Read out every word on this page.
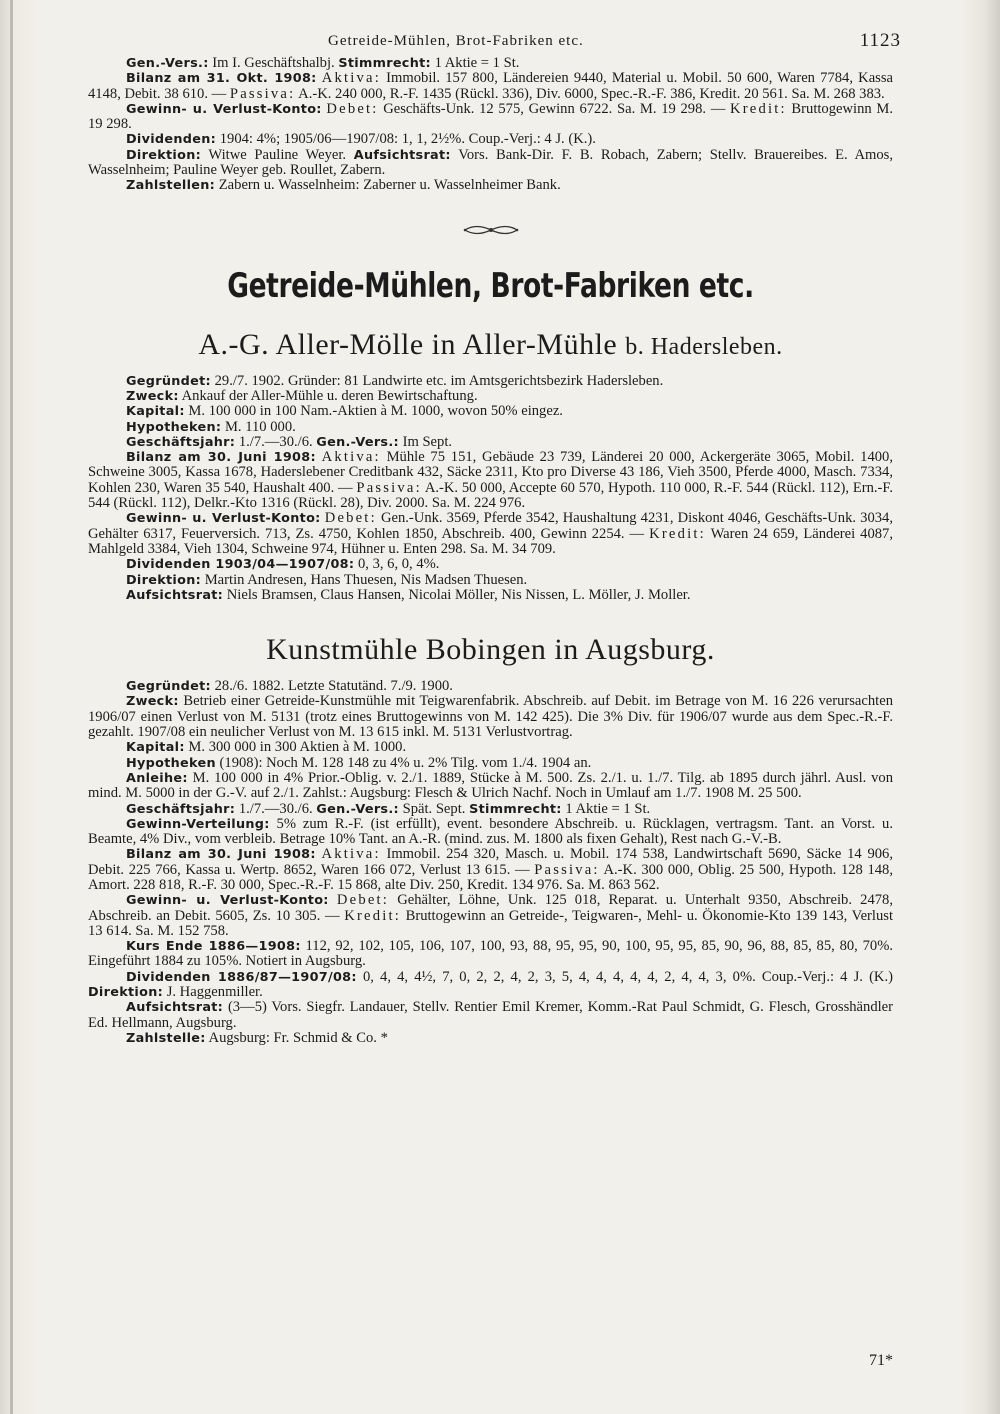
Getreide-Mühlen, Brot-Fabriken etc.	1123

Gen.-Vers.: Im I. Geschäftshalbj. Stimmrecht: 1 Aktie = 1 St.

Bilanz am 31. Okt. 1908: Aktiva: Immobil. 157 800, Ländereien 9440, Material u. Mobil. 50 600, Waren 7784, Kassa 4148, Debit. 38 610. — Passiva: A.-K. 240 000, R.-F. 1435 (Rückl. 336), Div. 6000, Spec.-R.-F. 386, Kredit. 20 561. Sa. M. 268 383.

Gewinn- u. Verlust-Konto: Debet: Geschäfts-Unk. 12 575, Gewinn 6722. Sa. M. 19 298. — Kredit: Bruttogewinn M. 19 298.

Dividenden: 1904: 4%; 1905/06—1907/08: 1, 1, 2½%. Coup.-Verj.: 4 J. (K.).

Direktion: Witwe Pauline Weyer. Aufsichtsrat: Vors. Bank-Dir. F. B. Robach, Zabern; Stellv. Brauereibes. E. Amos, Wasselnheim; Pauline Weyer geb. Roullet, Zabern.

Zahlstellen: Zabern u. Wasselnheim: Zaberner u. Wasselnheimer Bank.

Getreide-Mühlen, Brot-Fabriken etc.
A.-G. Aller-Mölle in Aller-Mühle b. Hadersleben.

Gegründet: 29./7. 1902. Gründer: 81 Landwirte etc. im Amtsgerichtsbezirk Hadersleben.

Zweck: Ankauf der Aller-Mühle u. deren Bewirtschaftung.

Kapital: M. 100 000 in 100 Nam.-Aktien à M. 1000, wovon 50% eingez.

Hypotheken: M. 110 000.

Geschäftsjahr: 1./7.—30./6. Gen.-Vers.: Im Sept.

Bilanz am 30. Juni 1908: Aktiva: Mühle 75 151, Gebäude 23 739, Länderei 20 000, Ackergeräte 3065, Mobil. 1400, Schweine 3005, Kassa 1678, Haderslebener Creditbank 432, Säcke 2311, Kto pro Diverse 43 186, Vieh 3500, Pferde 4000, Masch. 7334, Kohlen 230, Waren 35 540, Haushalt 400. — Passiva: A.-K. 50 000, Accepte 60 570, Hypoth. 110 000, R.-F. 544 (Rückl. 112), Ern.-F. 544 (Rückl. 112), Delkr.-Kto 1316 (Rückl. 28), Div. 2000. Sa. M. 224 976.

Gewinn- u. Verlust-Konto: Debet: Gen.-Unk. 3569, Pferde 3542, Haushaltung 4231, Diskont 4046, Geschäfts-Unk. 3034, Gehälter 6317, Feuerversich. 713, Zs. 4750, Kohlen 1850, Abschreib. 400, Gewinn 2254. — Kredit: Waren 24 659, Länderei 4087, Mahlgeld 3384, Vieh 1304, Schweine 974, Hühner u. Enten 298. Sa. M. 34 709.

Dividenden 1903/04—1907/08: 0, 3, 6, 0, 4%.

Direktion: Martin Andresen, Hans Thuesen, Nis Madsen Thuesen.

Aufsichtsrat: Niels Bramsen, Claus Hansen, Nicolai Möller, Nis Nissen, L. Möller, J. Moller.

Kunstmühle Bobingen in Augsburg.

Gegründet: 28./6. 1882. Letzte Statutänd. 7./9. 1900.

Zweck: Betrieb einer Getreide-Kunstmühle mit Teigwarenfabrik. Abschreib. auf Debit. im Betrage von M. 16 226 verursachten 1906/07 einen Verlust von M. 5131 (trotz eines Bruttogewinns von M. 142 425). Die 3% Div. für 1906/07 wurde aus dem Spec.-R.-F. gezahlt. 1907/08 ein neulicher Verlust von M. 13 615 inkl. M. 5131 Verlustvortrag.

Kapital: M. 300 000 in 300 Aktien à M. 1000.

Hypotheken (1908): Noch M. 128 148 zu 4% u. 2% Tilg. vom 1./4. 1904 an.

Anleihe: M. 100 000 in 4% Prior.-Oblig. v. 2./1. 1889, Stücke à M. 500. Zs. 2./1. u. 1./7. Tilg. ab 1895 durch jährl. Ausl. von mind. M. 5000 in der G.-V. auf 2./1. Zahlst.: Augsburg: Flesch & Ulrich Nachf. Noch in Umlauf am 1./7. 1908 M. 25 500.

Geschäftsjahr: 1./7.—30./6. Gen.-Vers.: Spät. Sept. Stimmrecht: 1 Aktie = 1 St.

Gewinn-Verteilung: 5% zum R.-F. (ist erfüllt), event. besondere Abschreib. u. Rücklagen, vertragsm. Tant. an Vorst. u. Beamte, 4% Div., vom verbleib. Betrage 10% Tant. an A.-R. (mind. zus. M. 1800 als fixen Gehalt), Rest nach G.-V.-B.

Bilanz am 30. Juni 1908: Aktiva: Immobil. 254 320, Masch. u. Mobil. 174 538, Landwirtschaft 5690, Säcke 14 906, Debit. 225 766, Kassa u. Wertp. 8652, Waren 166 072, Verlust 13 615. — Passiva: A.-K. 300 000, Oblig. 25 500, Hypoth. 128 148, Amort. 228 818, R.-F. 30 000, Spec.-R.-F. 15 868, alte Div. 250, Kredit. 134 976. Sa. M. 863 562.

Gewinn- u. Verlust-Konto: Debet: Gehälter, Löhne, Unk. 125 018, Reparat. u. Unterhalt 9350, Abschreib. 2478, Abschreib. an Debit. 5605, Zs. 10 305. — Kredit: Bruttogewinn an Getreide-, Teigwaren-, Mehl- u. Ökonomie-Kto 139 143, Verlust 13 614. Sa. M. 152 758.

Kurs Ende 1886—1908: 112, 92, 102, 105, 106, 107, 100, 93, 88, 95, 95, 90, 100, 95, 95, 85, 90, 96, 88, 85, 85, 80, 70%. Eingeführt 1884 zu 105%. Notiert in Augsburg.

Dividenden 1886/87—1907/08: 0, 4, 4, 4½, 7, 0, 2, 2, 4, 2, 3, 5, 4, 4, 4, 4, 4, 2, 4, 4, 3, 0%. Coup.-Verj.: 4 J. (K.) Direktion: J. Haggenmiller.

Aufsichtsrat: (3—5) Vors. Siegfr. Landauer, Stellv. Rentier Emil Kremer, Komm.-Rat Paul Schmidt, G. Flesch, Grosshändler Ed. Hellmann, Augsburg.

Zahlstelle: Augsburg: Fr. Schmid & Co. *

71*
